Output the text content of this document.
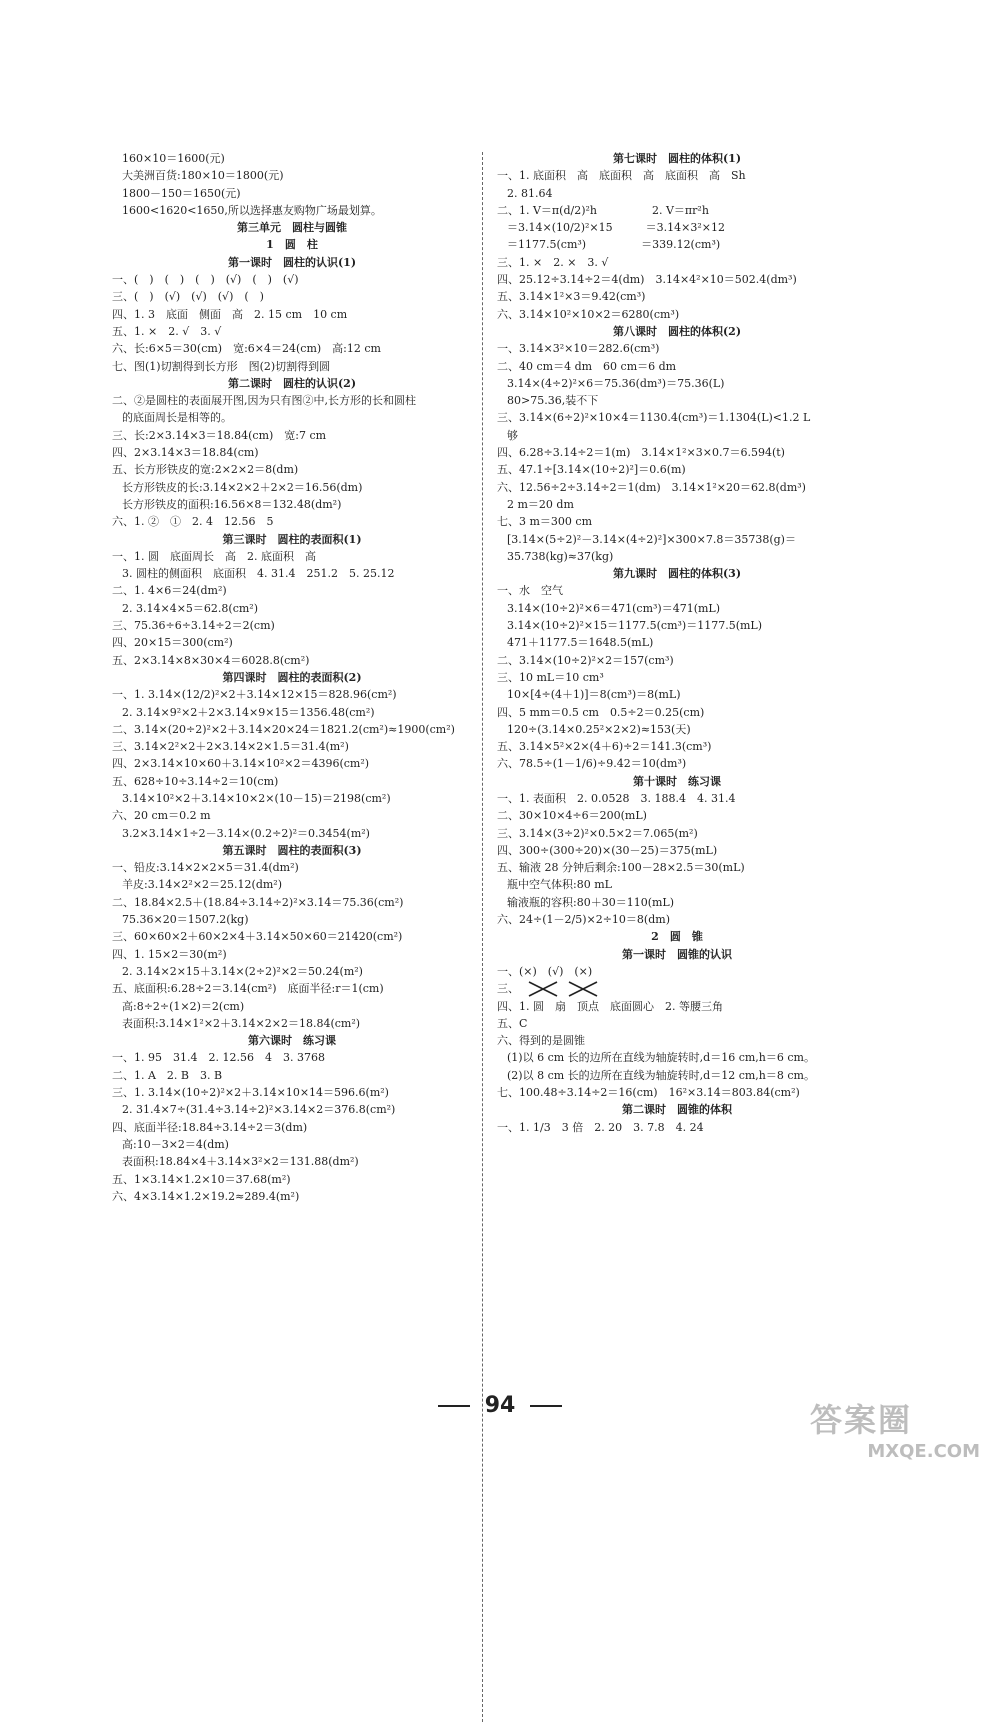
160×10＝1600(元)
大美洲百货:180×10＝1800(元)
1800－150＝1650(元)
1600<1620<1650,所以选择惠友购物广场最划算。
第三单元　圆柱与圆锥
1　圆　柱
第一课时　圆柱的认识(1)
一、(　)　(　)　(　)　(√)　(　)　(√)
三、(　)　(√)　(√)　(√)　(　)
四、1. 3　底面　侧面　高　2. 15 cm　10 cm
五、1. ×　2. √　3. √
六、长:6×5＝30(cm)　宽:6×4＝24(cm)　高:12 cm
七、图(1)切割得到长方形　图(2)切割得到圆
第二课时　圆柱的认识(2)
二、②是圆柱的表面展开图,因为只有图②中,长方形的长和圆柱
的底面周长是相等的。
三、长:2×3.14×3＝18.84(cm)　宽:7 cm
四、2×3.14×3＝18.84(cm)
五、长方形铁皮的宽:2×2×2＝8(dm)
长方形铁皮的长:3.14×2×2＋2×2＝16.56(dm)
长方形铁皮的面积:16.56×8＝132.48(dm²)
六、1. ②　①　2. 4　12.56　5
第三课时　圆柱的表面积(1)
一、1. 圆　底面周长　高　2. 底面积　高
3. 圆柱的侧面积　底面积　4. 31.4　251.2　5. 25.12
二、1. 4×6＝24(dm²)
2. 3.14×4×5＝62.8(cm²)
三、75.36÷6÷3.14÷2＝2(cm)
四、20×15＝300(cm²)
五、2×3.14×8×30×4＝6028.8(cm²)
第四课时　圆柱的表面积(2)
一、1. 3.14×(12/2)²×2＋3.14×12×15＝828.96(cm²)
2. 3.14×9²×2＋2×3.14×9×15＝1356.48(cm²)
二、3.14×(20÷2)²×2＋3.14×20×24＝1821.2(cm²)≈1900(cm²)
三、3.14×2²×2＋2×3.14×2×1.5＝31.4(m²)
四、2×3.14×10×60＋3.14×10²×2＝4396(cm²)
五、628÷10÷3.14÷2＝10(cm)
3.14×10²×2＋3.14×10×2×(10－15)＝2198(cm²)
六、20 cm＝0.2 m
3.2×3.14×1÷2－3.14×(0.2÷2)²＝0.3454(m²)
第五课时　圆柱的表面积(3)
一、铅皮:3.14×2×2×5＝31.4(dm²)
羊皮:3.14×2²×2＝25.12(dm²)
二、18.84×2.5＋(18.84÷3.14÷2)²×3.14＝75.36(cm²)
75.36×20＝1507.2(kg)
三、60×60×2＋60×2×4＋3.14×50×60＝21420(cm²)
四、1. 15×2＝30(m²)
2. 3.14×2×15＋3.14×(2÷2)²×2＝50.24(m²)
五、底面积:6.28÷2＝3.14(cm²)　底面半径:r＝1(cm)
高:8÷2÷(1×2)＝2(cm)
表面积:3.14×1²×2＋3.14×2×2＝18.84(cm²)
第六课时　练习课
一、1. 95　31.4　2. 12.56　4　3. 3768
二、1. A　2. B　3. B
三、1. 3.14×(10÷2)²×2＋3.14×10×14＝596.6(m²)
2. 31.4×7÷(31.4÷3.14÷2)²×3.14×2＝376.8(cm²)
四、底面半径:18.84÷3.14÷2＝3(dm)
高:10－3×2＝4(dm)
表面积:18.84×4＋3.14×3²×2＝131.88(dm²)
五、1×3.14×1.2×10＝37.68(m²)
六、4×3.14×1.2×19.2≈289.4(m²)
第七课时　圆柱的体积(1)
一、1. 底面积　高　底面积　高　底面积　高　Sh
2. 81.64
二、1. V＝π(d/2)²h　　　　　2. V＝πr²h
＝3.14×(10/2)²×15　　　＝3.14×3²×12
＝1177.5(cm³)　　　　　＝339.12(cm³)
三、1. ×　2. ×　3. √
四、25.12÷3.14÷2＝4(dm)　3.14×4²×10＝502.4(dm³)
五、3.14×1²×3＝9.42(cm³)
六、3.14×10²×10×2＝6280(cm³)
第八课时　圆柱的体积(2)
一、3.14×3²×10＝282.6(cm³)
二、40 cm＝4 dm　60 cm＝6 dm
3.14×(4÷2)²×6＝75.36(dm³)＝75.36(L)
80>75.36,装不下
三、3.14×(6÷2)²×10×4＝1130.4(cm³)＝1.1304(L)<1.2 L
够
四、6.28÷3.14÷2＝1(m)　3.14×1²×3×0.7＝6.594(t)
五、47.1÷[3.14×(10÷2)²]＝0.6(m)
六、12.56÷2÷3.14÷2＝1(dm)　3.14×1²×20＝62.8(dm³)
2 m＝20 dm
七、3 m＝300 cm
[3.14×(5÷2)²－3.14×(4÷2)²]×300×7.8＝35738(g)＝
35.738(kg)≈37(kg)
第九课时　圆柱的体积(3)
一、水　空气
3.14×(10÷2)²×6＝471(cm³)＝471(mL)
3.14×(10÷2)²×15＝1177.5(cm³)＝1177.5(mL)
471＋1177.5＝1648.5(mL)
二、3.14×(10÷2)²×2＝157(cm³)
三、10 mL＝10 cm³
10×[4÷(4＋1)]＝8(cm³)＝8(mL)
四、5 mm＝0.5 cm　0.5÷2＝0.25(cm)
120÷(3.14×0.25²×2×2)≈153(天)
五、3.14×5²×2×(4＋6)÷2＝141.3(cm³)
六、78.5÷(1－1/6)÷9.42＝10(dm³)
第十课时　练习课
一、1. 表面积　2. 0.0528　3. 188.4　4. 31.4
二、30×10×4÷6＝200(mL)
三、3.14×(3÷2)²×0.5×2＝7.065(m²)
四、300÷(300÷20)×(30－25)＝375(mL)
五、输液 28 分钟后剩余:100－28×2.5＝30(mL)
瓶中空气体积:80 mL
输液瓶的容积:80＋30＝110(mL)
六、24÷(1－2/5)×2÷10＝8(dm)
2　圆　锥
第一课时　圆锥的认识
一、(×)　(√)　(×)
三、
四、1. 圆　扇　顶点　底面圆心　2. 等腰三角
五、C
六、得到的是圆锥
(1)以 6 cm 长的边所在直线为轴旋转时,d＝16 cm,h＝6 cm。
(2)以 8 cm 长的边所在直线为轴旋转时,d＝12 cm,h＝8 cm。
七、100.48÷3.14÷2＝16(cm)　16²×3.14＝803.84(cm²)
第二课时　圆锥的体积
一、1. 1/3　3 倍　2. 20　3. 7.8　4. 24
94	答案圈
MXQE.COM
